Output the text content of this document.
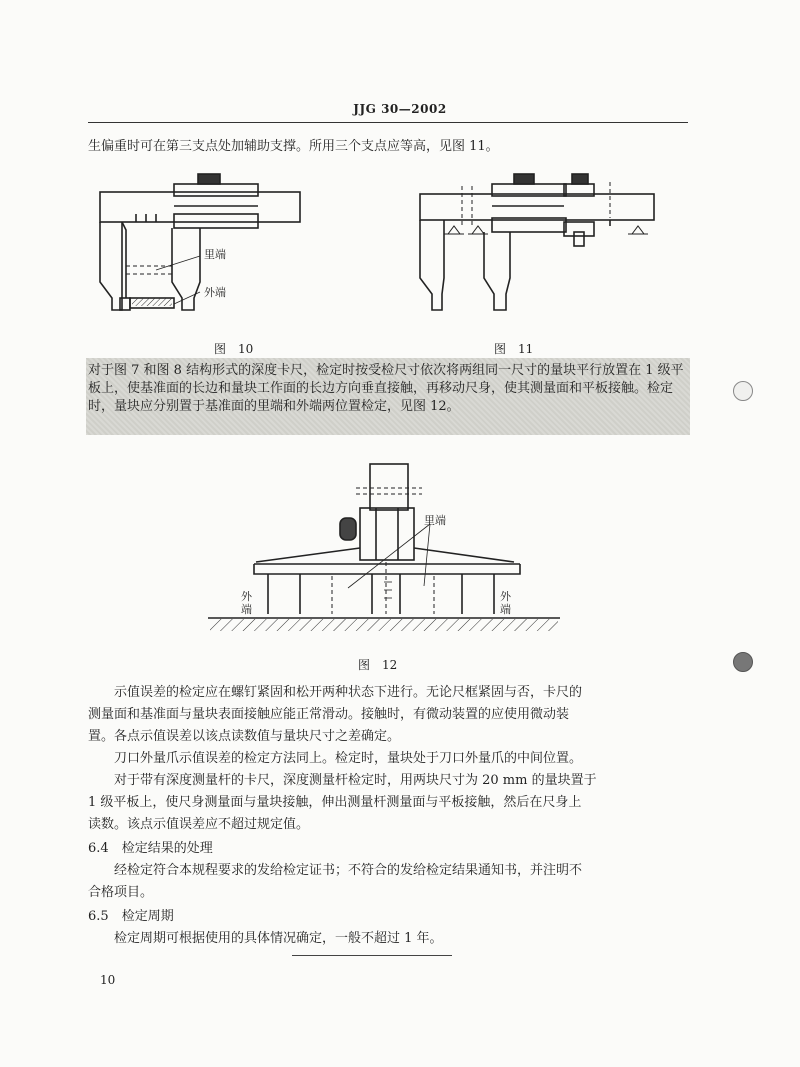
JJG 30—2002

生偏重时可在第三支点处加辅助支撑。所用三个支点应等高，见图 11。

里端
外端
图　10	图　11

对于图 7 和图 8 结构形式的深度卡尺，检定时按受检尺寸依次将两组同一尺寸的量块平行放置在 1 级平板上，使基准面的长边和量块工作面的长边方向垂直接触，再移动尺身，使其测量面和平板接触。检定时，量块应分别置于基准面的里端和外端两位置检定，见图 12。

里端
外端
外端
图　12

　　示值误差的检定应在螺钉紧固和松开两种状态下进行。无论尺框紧固与否，卡尺的

测量面和基准面与量块表面接触应能正常滑动。接触时，有微动装置的应使用微动装

置。各点示值误差以该点读数值与量块尺寸之差确定。

　　刀口外量爪示值误差的检定方法同上。检定时，量块处于刀口外量爪的中间位置。

　　对于带有深度测量杆的卡尺，深度测量杆检定时，用两块尺寸为 20 mm 的量块置于

1 级平板上，使尺身测量面与量块接触，伸出测量杆测量面与平板接触，然后在尺身上

读数。该点示值误差应不超过规定值。

6.4　 检定结果的处理

　　经检定符合本规程要求的发给检定证书；不符合的发给检定结果通知书，并注明不

合格项目。

6.5　 检定周期

　　检定周期可根据使用的具体情况确定，一般不超过 1 年。

10
